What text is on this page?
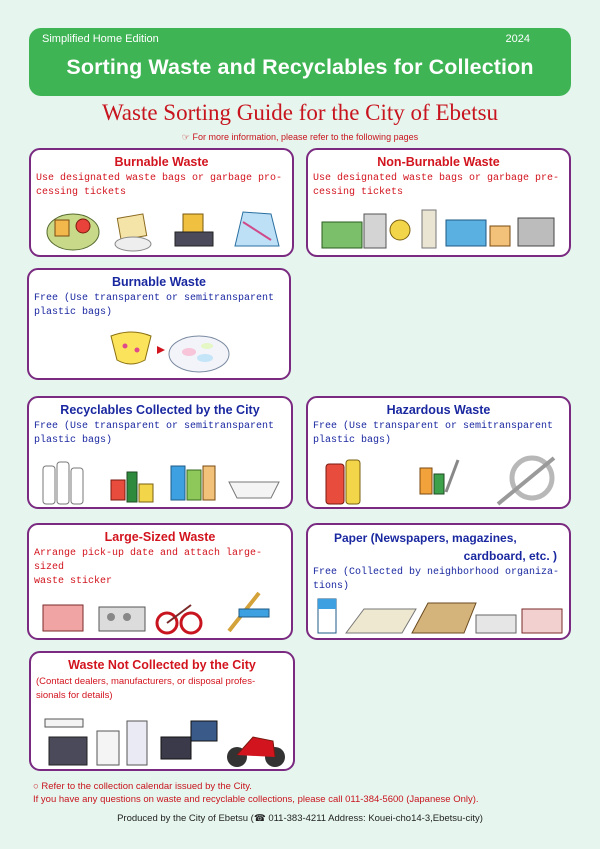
Simplified Home Edition	2024
Sorting Waste and Recyclables for Collection
Waste Sorting Guide for the City of Ebetsu
☞ For more information, please refer to the following pages
Burnable Waste
Use designated waste bags or garbage pro-
cessing tickets
Non-Burnable Waste
Use designated waste bags or garbage pre-
cessing tickets
Burnable Waste
Free (Use transparent or semitransparent
plastic bags)
Recyclables Collected by the City
Free (Use transparent or semitransparent
plastic bags)
Hazardous Waste
Free (Use transparent or semitransparent
plastic bags)
Large-Sized Waste
Arrange pick-up date and attach large-sized
waste sticker
Paper (Newspapers, magazines,
cardboard, etc. )
Free (Collected by neighborhood organiza-
tions)
Waste Not Collected by the City
(Contact dealers, manufacturers, or disposal profes-
sionals for details)
○ Refer to the collection calendar issued by the City.
If you have any questions on waste and recyclable collections, please call 011-384-5600 (Japanese Only).
Produced by the City of Ebetsu (☎ 011-383-4211 Address: Kouei-cho14-3,Ebetsu-city)
